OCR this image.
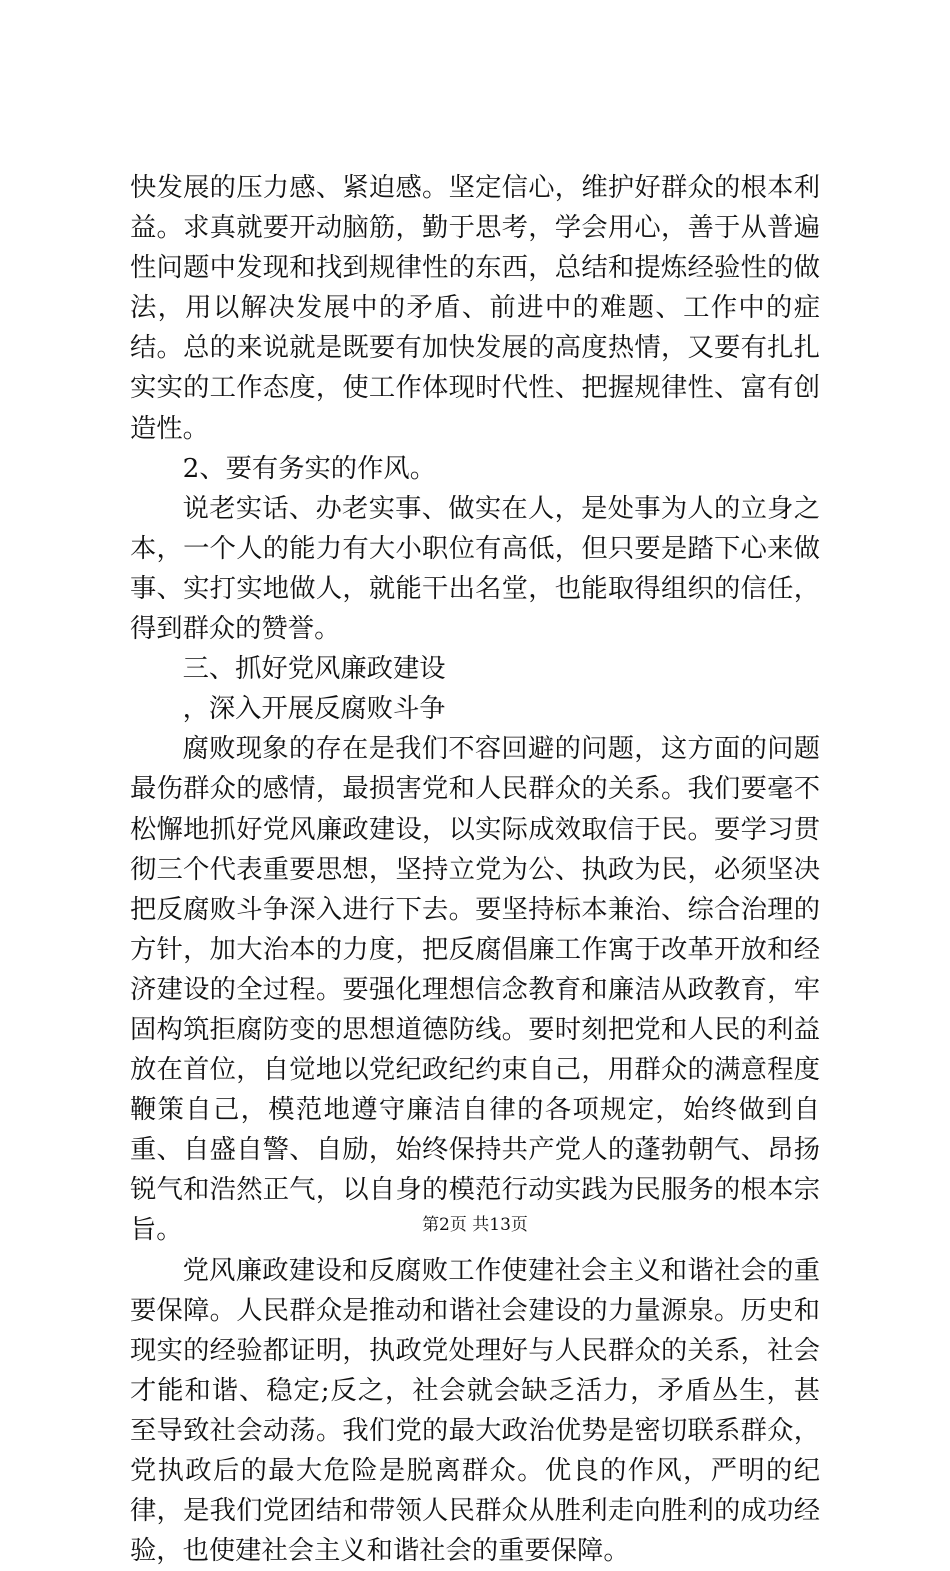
快发展的压力感、紧迫感。坚定信心，维护好群众的根本利益。求真就要开动脑筋，勤于思考，学会用心，善于从普遍性问题中发现和找到规律性的东西，总结和提炼经验性的做法，用以解决发展中的矛盾、前进中的难题、工作中的症结。总的来说就是既要有加快发展的高度热情，又要有扎扎实实的工作态度，使工作体现时代性、把握规律性、富有创造性。

2、要有务实的作风。

说老实话、办老实事、做实在人，是处事为人的立身之本，一个人的能力有大小职位有高低，但只要是踏下心来做事、实打实地做人，就能干出名堂，也能取得组织的信任，得到群众的赞誉。

三、抓好党风廉政建设

，深入开展反腐败斗争

腐败现象的存在是我们不容回避的问题，这方面的问题最伤群众的感情，最损害党和人民群众的关系。我们要毫不松懈地抓好党风廉政建设，以实际成效取信于民。要学习贯彻三个代表重要思想，坚持立党为公、执政为民，必须坚决把反腐败斗争深入进行下去。要坚持标本兼治、综合治理的方针，加大治本的力度，把反腐倡廉工作寓于改革开放和经济建设的全过程。要强化理想信念教育和廉洁从政教育，牢固构筑拒腐防变的思想道德防线。要时刻把党和人民的利益放在首位，自觉地以党纪政纪约束自己，用群众的满意程度鞭策自己，模范地遵守廉洁自律的各项规定，始终做到自重、自盛自警、自励，始终保持共产党人的蓬勃朝气、昂扬锐气和浩然正气，以自身的模范行动实践为民服务的根本宗旨。

党风廉政建设和反腐败工作使建社会主义和谐社会的重要保障。人民群众是推动和谐社会建设的力量源泉。历史和现实的经验都证明，执政党处理好与人民群众的关系，社会才能和谐、稳定;反之，社会就会缺乏活力，矛盾丛生，甚至导致社会动荡。我们党的最大政治优势是密切联系群众，党执政后的最大危险是脱离群众。优良的作风，严明的纪律，是我们党团结和带领人民群众从胜利走向胜利的成功经验，也使建社会主义和谐社会的重要保障。

第2页 共13页
